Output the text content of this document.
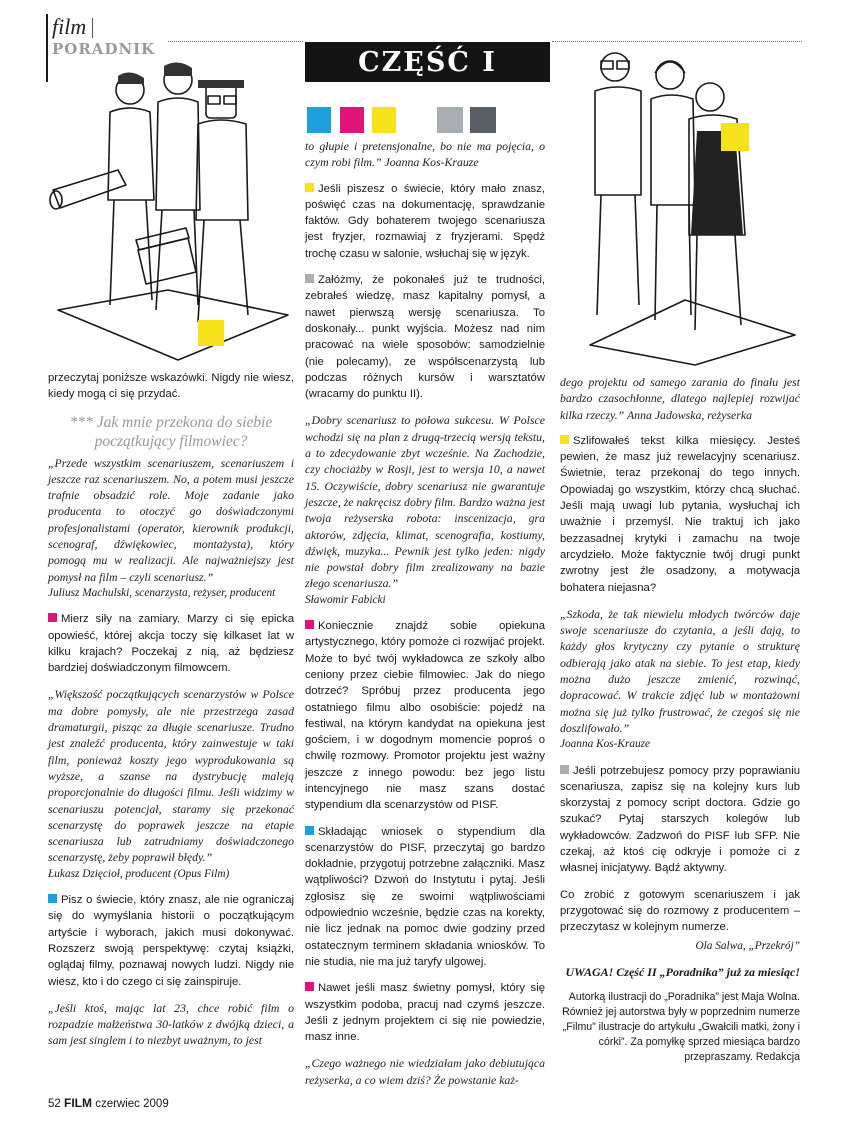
film
PORADNIK	CZĘŚĆ I

przeczytaj poniższe wskazówki. Nigdy nie wiesz, kiedy mogą ci się przydać.

*** Jak mnie przekona do siebie początkujący filmowiec?

„Przede wszystkim scenariuszem, scenariuszem i jeszcze raz scenariuszem. No, a potem musi jeszcze trafnie obsadzić role. Moje zadanie jako producenta to otoczyć go doświadczonymi profesjonalistami (operator, kierownik produkcji, scenograf, dźwiękowiec, montażysta), który pomogą mu w realizacji. Ale najważniejszy jest pomysł na film – czyli scenariusz.”

Juliusz Machulski, scenarzysta, reżyser, producent

Mierz siły na zamiary. Marzy ci się epicka opowieść, której akcja toczy się kilkaset lat w kilku krajach? Poczekaj z nią, aż będziesz bardziej doświadczonym filmowcem.

„Większość początkujących scenarzystów w Polsce ma dobre pomysły, ale nie przestrzega zasad dramaturgii, pisząc za długie scenariusze. Trudno jest znaleźć producenta, który zainwestuje w taki film, ponieważ koszty jego wyprodukowania są wyższe, a szanse na dystrybucję maleją proporcjonalnie do długości filmu. Jeśli widzimy w scenariuszu potencjał, staramy się przekonać scenarzystę do poprawek jeszcze na etapie scenariusza lub zatrudniamy doświadczonego scenarzystę, żeby poprawił błędy.”

Łukasz Dzięcioł, producent (Opus Film)

Pisz o świecie, który znasz, ale nie ograniczaj się do wymyślania historii o początkującym artyście i wyborach, jakich musi dokonywać. Rozszerz swoją perspektywę: czytaj książki, oglądaj filmy, poznawaj nowych ludzi. Nigdy nie wiesz, kto i do czego ci się zainspiruje.

„Jeśli ktoś, mając lat 23, chce robić film o rozpadzie małżeństwa 30-latków z dwójką dzieci, a sam jest singlem i to niezbyt uważnym, to jest

to głupie i pretensjonalne, bo nie ma pojęcia, o czym robi film.” Joanna Kos-Krauze

Jeśli piszesz o świecie, który mało znasz, poświęć czas na dokumentację, sprawdzanie faktów. Gdy bohaterem twojego scenariusza jest fryzjer, rozmawiaj z fryzjerami. Spędź trochę czasu w salonie, wsłuchaj się w język.

Załóżmy, że pokonałeś już te trudności, zebrałeś wiedzę, masz kapitalny pomysł, a nawet pierwszą wersję scenariusza. To doskonały... punkt wyjścia. Możesz nad nim pracować na wiele sposobów: samodzielnie (nie polecamy), ze współscenarzystą lub podczas różnych kursów i warsztatów (wracamy do punktu II).

„Dobry scenariusz to połowa sukcesu. W Polsce wchodzi się na plan z drugą-trzecią wersją tekstu, a to zdecydowanie zbyt wcześnie. Na Zachodzie, czy chociażby w Rosji, jest to wersja 10, a nawet 15. Oczywiście, dobry scenariusz nie gwarantuje jeszcze, że nakręcisz dobry film. Bardzo ważna jest twoja reżyserska robota: inscenizacja, gra aktorów, zdjęcia, klimat, scenografia, kostiumy, dźwięk, muzyka... Pewnik jest tylko jeden: nigdy nie powstał dobry film zrealizowany na bazie złego scenariusza.”

Sławomir Fabicki

Koniecznie znajdź sobie opiekuna artystycznego, który pomoże ci rozwijać projekt. Może to być twój wykładowca ze szkoły albo ceniony przez ciebie filmowiec. Jak do niego dotrzeć? Spróbuj przez producenta jego ostatniego filmu albo osobiście: pojedź na festiwal, na którym kandydat na opiekuna jest gościem, i w dogodnym momencie poproś o chwilę rozmowy. Promotor projektu jest ważny jeszcze z innego powodu: bez jego listu intencyjnego nie masz szans dostać stypendium dla scenarzystów od PISF.

Składając wniosek o stypendium dla scenarzystów do PISF, przeczytaj go bardzo dokładnie, przygotuj potrzebne załączniki. Masz wątpliwości? Dzwoń do Instytutu i pytaj. Jeśli zgłosisz się ze swoimi wątpliwościami odpowiednio wcześnie, będzie czas na korekty, nie licz jednak na pomoc dwie godziny przed ostatecznym terminem składania wniosków. To nie studia, nie ma już taryfy ulgowej.

Nawet jeśli masz świetny pomysł, który się wszystkim podoba, pracuj nad czymś jeszcze. Jeśli z jednym projektem ci się nie powiedzie, masz inne.

„Czego ważnego nie wiedziałam jako debiutująca reżyserka, a co wiem dziś? Że powstanie każ-

dego projektu od samego zarania do finału jest bardzo czasochłonne, dlatego najlepiej rozwijać kilka rzeczy.” Anna Jadowska, reżyserka

Szlifowałeś tekst kilka miesięcy. Jesteś pewien, że masz już rewelacyjny scenariusz. Świetnie, teraz przekonaj do tego innych. Opowiadaj go wszystkim, którzy chcą słuchać. Jeśli mają uwagi lub pytania, wysłuchaj ich uważnie i przemyśl. Nie traktuj ich jako bezzasadnej krytyki i zamachu na twoje arcydzieło. Może faktycznie twój drugi punkt zwrotny jest źle osadzony, a motywacja bohatera niejasna?

„Szkoda, że tak niewielu młodych twórców daje swoje scenariusze do czytania, a jeśli dają, to każdy głos krytyczny czy pytanie o strukturę odbierają jako atak na siebie. To jest etap, kiedy można dużo jeszcze zmienić, rozwinąć, dopracować. W trakcie zdjęć lub w montażowni można się już tylko frustrować, że czegoś się nie doszlifowało.”

Joanna Kos-Krauze

Jeśli potrzebujesz pomocy przy poprawianiu scenariusza, zapisz się na kolejny kurs lub skorzystaj z pomocy script doctora. Gdzie go szukać? Pytaj starszych kolegów lub wykładowców. Zadzwoń do PISF lub SFP. Nie czekaj, aż ktoś cię odkryje i pomoże ci z własnej inicjatywy. Bądź aktywny.

Co zrobić z gotowym scenariuszem i jak przygotować się do rozmowy z producentem – przeczytasz w kolejnym numerze.

Ola Salwa, „Przekrój”

UWAGA! Część II „Poradnika” już za miesiąc!

Autorką ilustracji do „Poradnika” jest Maja Wolna. Również jej autorstwa były w poprzednim numerze „Filmu” ilustracje do artykułu „Gwałcili matki, żony i córki”. Za pomyłkę sprzed miesiąca bardzo przepraszamy. Redakcja

52 FILM czerwiec 2009
